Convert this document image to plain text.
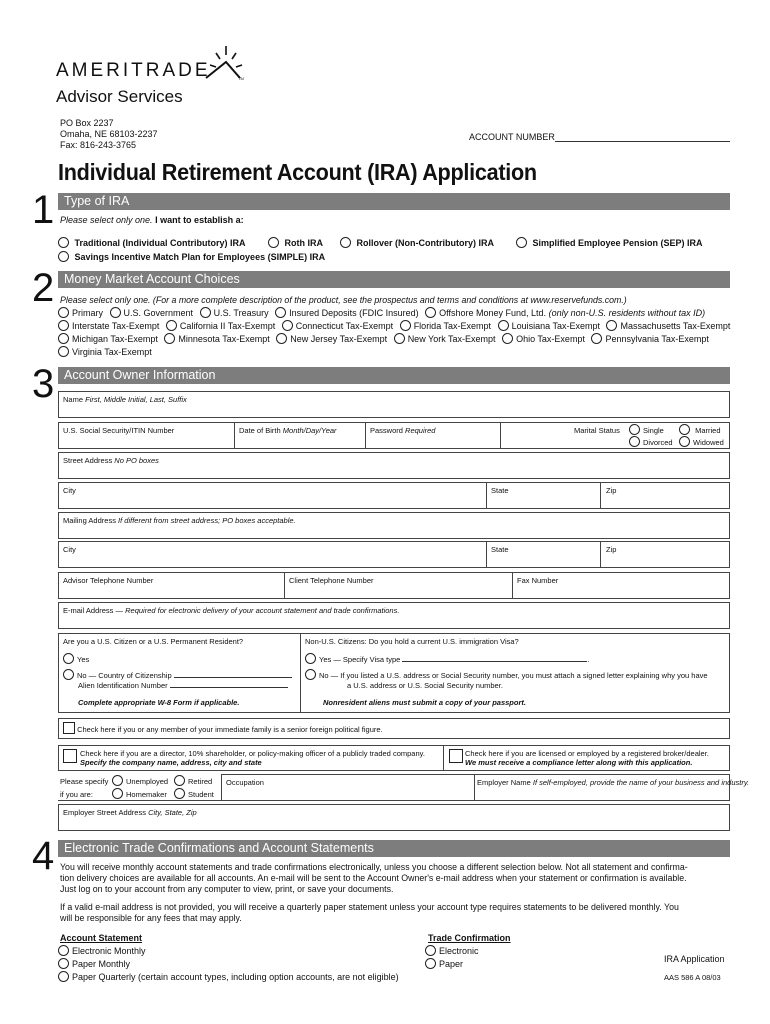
AMERITRADE	TM
Advisor Services
PO Box 2237
Omaha, NE 68103-2237
Fax: 816-243-3765
ACCOUNT NUMBER
Individual Retirement Account (IRA) Application
1 Type of IRA
Please select only one. I want to establish a:
Traditional (Individual Contributory) IRA	Roth IRA	Rollover (Non-Contributory) IRA	Simplified Employee Pension (SEP) IRA
Savings Incentive Match Plan for Employees (SIMPLE) IRA
2 Money Market Account Choices
Please select only one. (For a more complete description of the product, see the prospectus and terms and conditions at www.reservefunds.com.)
Primary U.S. Government U.S. Treasury Insured Deposits (FDIC Insured) Offshore Money Fund, Ltd. (only non-U.S. residents without tax ID)
Interstate Tax-Exempt California II Tax-Exempt Connecticut Tax-Exempt Florida Tax-Exempt Louisiana Tax-Exempt Massachusetts Tax-Exempt
Michigan Tax-Exempt Minnesota Tax-Exempt New Jersey Tax-Exempt New York Tax-Exempt Ohio Tax-Exempt Pennsylvania Tax-Exempt
Virginia Tax-Exempt
3 Account Owner Information
Name First, Middle Initial, Last, Suffix
U.S. Social Security/ITIN Number	Date of Birth Month/Day/Year	Password Required	Marital Status	Single	Married
Divorced	Widowed
Street Address No PO boxes
City	State	Zip
Mailing Address If different from street address; PO boxes acceptable.
City	State	Zip
Advisor Telephone Number	Client Telephone Number	Fax Number
E-mail Address — Required for electronic delivery of your account statement and trade confirmations.
Are you a U.S. Citizen or a U.S. Permanent Resident?
Yes
No — Country of Citizenship
Alien Identification Number
Complete appropriate W-8 Form if applicable.
Non-U.S. Citizens: Do you hold a current U.S. immigration Visa?
Yes — Specify Visa type	.
No — If you listed a U.S. address or Social Security number, you must attach a signed letter explaining why you have
a U.S. address or U.S. Social Security number.
Nonresident aliens must submit a copy of your passport.
Check here if you or any member of your immediate family is a senior foreign political figure.
Check here if you are a director, 10% shareholder, or policy-making officer of a publicly traded company.
Specify the company name, address, city and state
Check here if you are licensed or employed by a registered broker/dealer.
We must receive a compliance letter along with this application.
Please specify
if you are:
Unemployed	Retired
Homemaker	Student
Occupation	Employer Name If self-employed, provide the name of your business and industry.
Employer Street Address City, State, Zip
4 Electronic Trade Confirmations and Account Statements
You will receive monthly account statements and trade confirmations electronically, unless you choose a different selection below. Not all statement and confirma-
tion delivery choices are available for all accounts. An e-mail will be sent to the Account Owner's e-mail address when your statement or confirmation is available.
Just log on to your account from any computer to view, print, or save your documents.
If a valid e-mail address is not provided, you will receive a quarterly paper statement unless your account type requires statements to be delivered monthly. You
will be responsible for any fees that may apply.
Account Statement
Electronic Monthly
Paper Monthly
Paper Quarterly (certain account types, including option accounts, are not eligible)
Trade Confirmation
Electronic
Paper	IRA Application
AAS 586 A 08/03
